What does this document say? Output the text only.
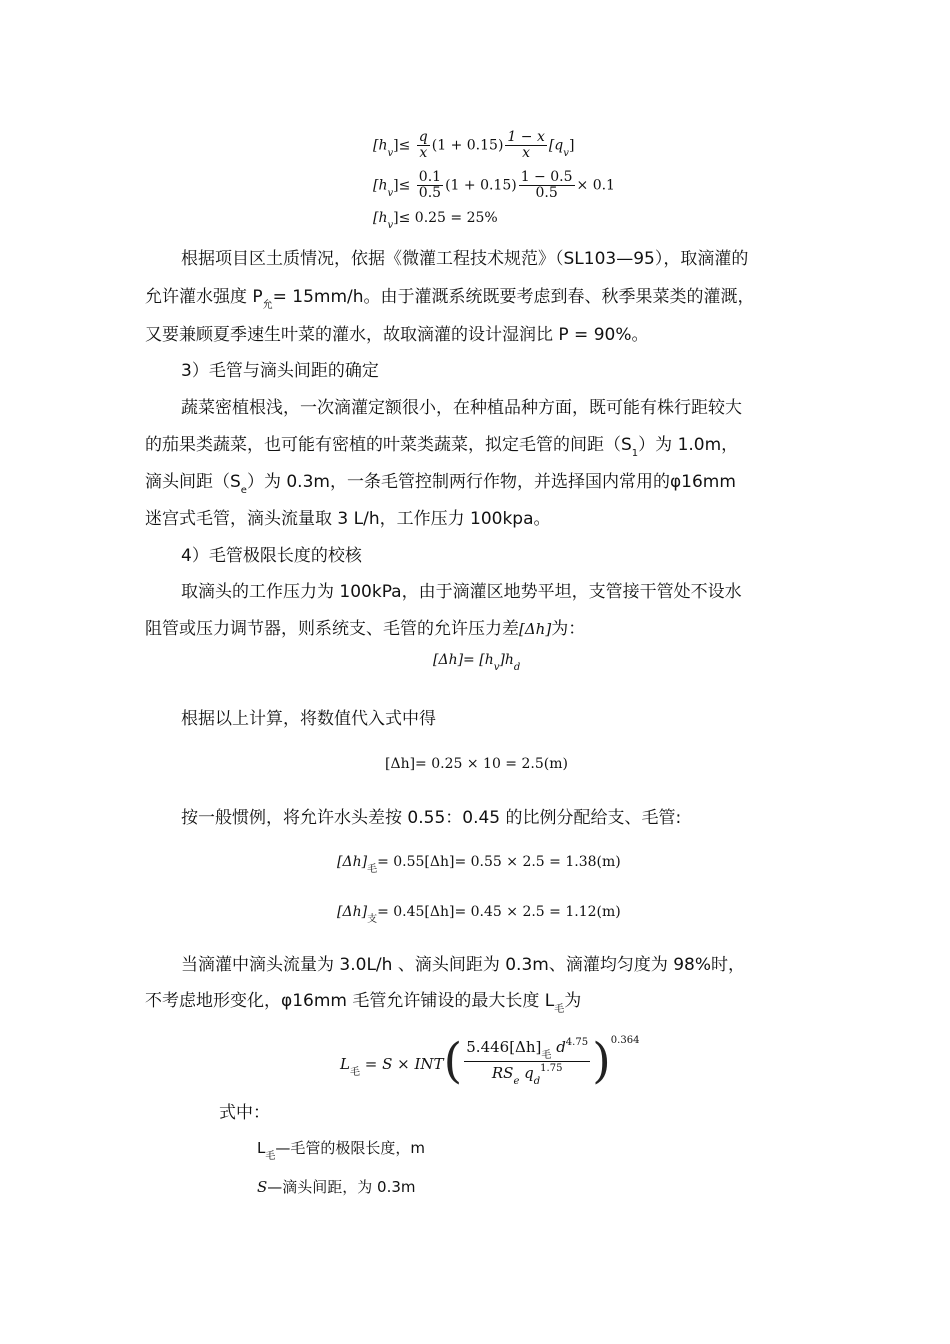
$[h_v]\le \frac{q}{x} (1 + 0.15) \frac{1 - x}{x} [q_v]$
$[h_v]\le \frac{0.1}{0.5} (1 + 0.15) \frac{1 - 0.5}{0.5} \times 0.1$
$[h_v]\le 0.25 = 25\%$
根据项目区土质情况，依据《微灌工程技术规范》（SL103—95），取滴灌的
允许灌水强度 $P_允= 15mm/h$。由于灌溉系统既要考虑到春、秋季果菜类的灌溉，
又要兼顾夏季速生叶菜的灌水，故取滴灌的设计湿润比 P = 90%。
3）毛管与滴头间距的确定
蔬菜密植根浅，一次滴灌定额很小，在种植品种方面，既可能有株行距较大
的茄果类蔬菜，也可能有密植的叶菜类蔬菜，拟定毛管的间距$(S_1)$为 1.0m，
滴头间距$(S_e)$为 0.3m，一条毛管控制两行作物，并选择国内常用的φ16mm
迷宫式毛管，滴头流量取 3 L/h，工作压力 100kpa。
4）毛管极限长度的校核
取滴头的工作压力为 100kPa，由于滴灌区地势平坦，支管接干管处不设水
阻管或压力调节器，则系统支、毛管的允许压力差[Δh]为：
$[\Delta h]= [h_v]h_d$
根据以上计算，将数值代入式中得
[Δh]= 0.25 × 10 = 2.5(m)
按一般惯例，将允许水头差按 0.55：0.45 的比例分配给支、毛管:
$[\Delta h]_毛= 0.55[\Delta h]= 0.55 \times 2.5 = 1.38(m)$
$[\Delta h]_支= 0.45[\Delta h]= 0.45 \times 2.5 = 1.12(m)$
当滴灌中滴头流量为 3.0L/h 、滴头间距为 0.3m、滴灌均匀度为 98%时，
不考虑地形变化，φ16mm 毛管允许铺设的最大长度 $L_毛$为
$L_毛 = S \times INT( \frac{5.446[\Delta h]_毛 d^{4.75}}{RS_e q_d^{1.75}} )^{0.364}$
式中：
$L_毛—$毛管的极限长度，m
S—滴头间距，为 0.3m
